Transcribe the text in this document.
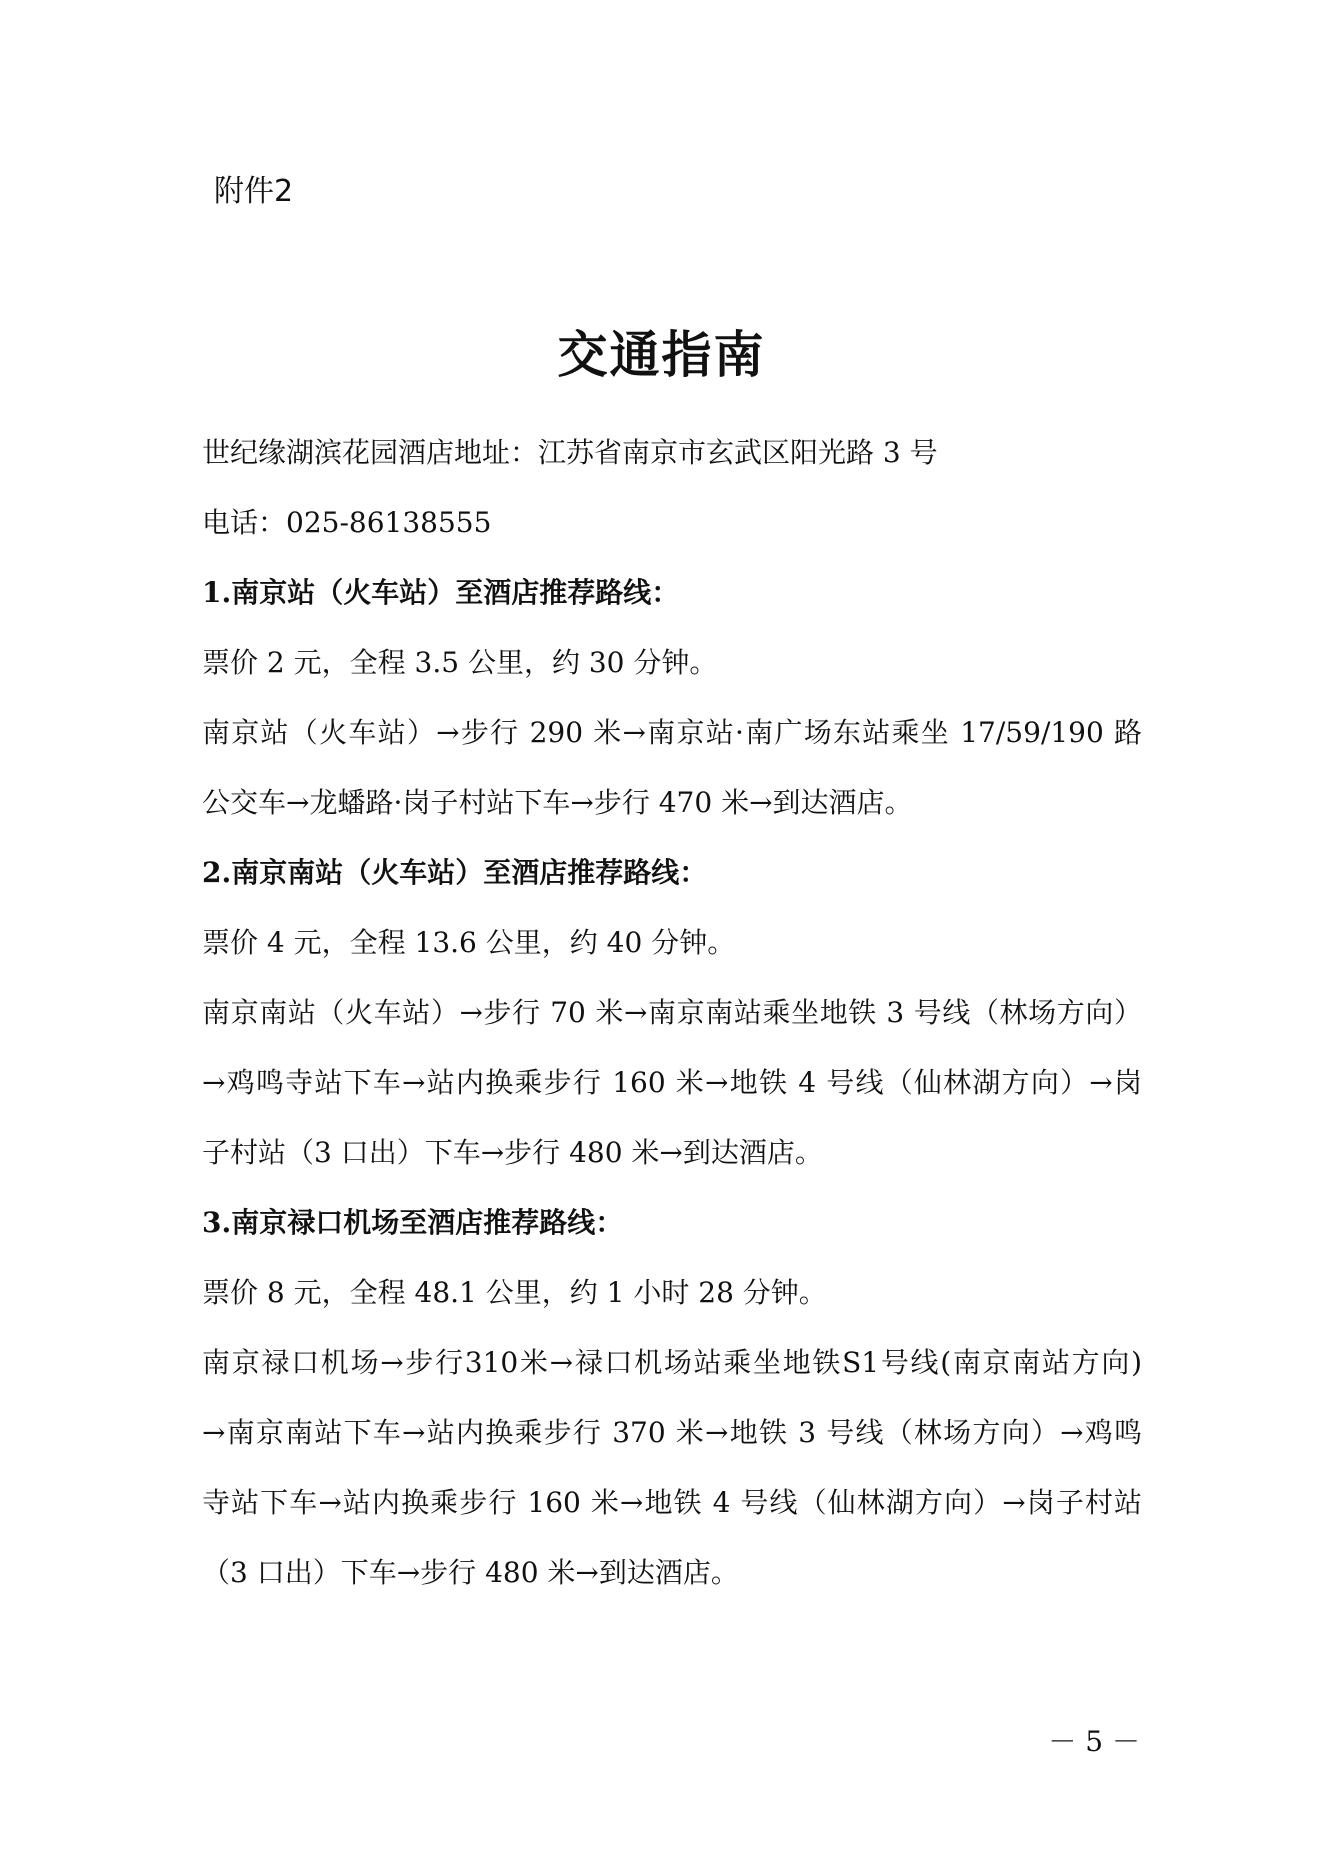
附件2
交通指南
世纪缘湖滨花园酒店地址：江苏省南京市玄武区阳光路 3 号
电话：025-86138555
1.南京站（火车站）至酒店推荐路线：
票价 2 元，全程 3.5 公里，约 30 分钟。
南京站（火车站）→步行 290 米→南京站·南广场东站乘坐 17/59/190 路
公交车→龙蟠路·岗子村站下车→步行 470 米→到达酒店。
2.南京南站（火车站）至酒店推荐路线：
票价 4 元，全程 13.6 公里，约 40 分钟。
南京南站（火车站）→步行 70 米→南京南站乘坐地铁 3 号线（林场方向）
→鸡鸣寺站下车→站内换乘步行 160 米→地铁 4 号线（仙林湖方向）→岗
子村站（3 口出）下车→步行 480 米→到达酒店。
3.南京禄口机场至酒店推荐路线：
票价 8 元，全程 48.1 公里，约 1 小时 28 分钟。
南京禄口机场→步行310米→禄口机场站乘坐地铁S1号线(南京南站方向)
→南京南站下车→站内换乘步行 370 米→地铁 3 号线（林场方向）→鸡鸣
寺站下车→站内换乘步行 160 米→地铁 4 号线（仙林湖方向）→岗子村站
（3 口出）下车→步行 480 米→到达酒店。
－ 5 －
